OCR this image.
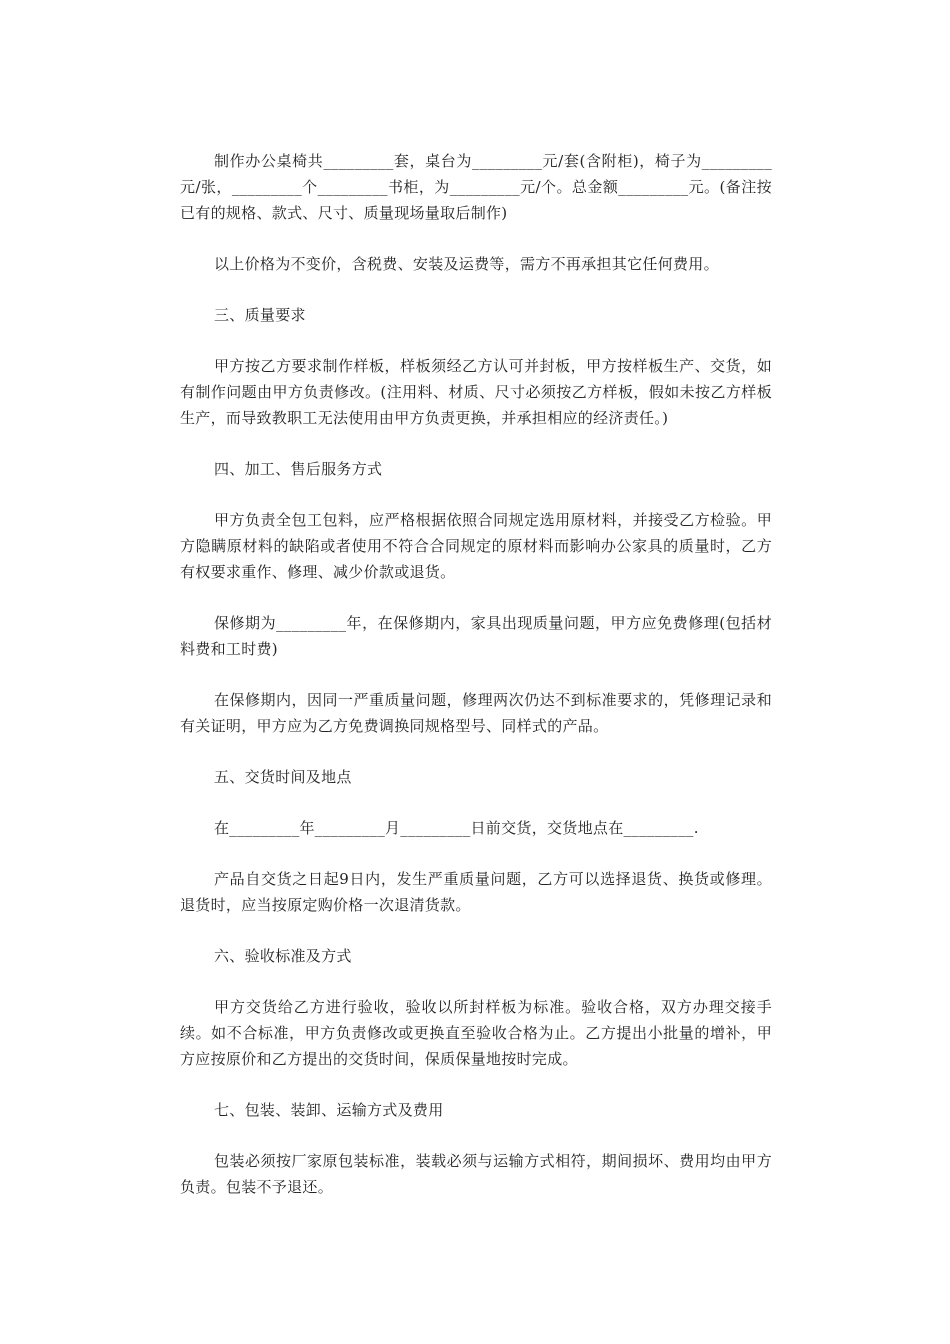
制作办公桌椅共_________套，桌台为_________元/套(含附柜)，椅子为_________元/张，_________个_________书柜，为_________元/个。总金额_________元。(备注按已有的规格、款式、尺寸、质量现场量取后制作)

以上价格为不变价，含税费、安装及运费等，需方不再承担其它任何费用。

三、质量要求

甲方按乙方要求制作样板，样板须经乙方认可并封板，甲方按样板生产、交货，如有制作问题由甲方负责修改。(注用料、材质、尺寸必须按乙方样板，假如未按乙方样板生产，而导致教职工无法使用由甲方负责更换，并承担相应的经济责任。)

四、加工、售后服务方式

甲方负责全包工包料，应严格根据依照合同规定选用原材料，并接受乙方检验。甲方隐瞒原材料的缺陷或者使用不符合合同规定的原材料而影响办公家具的质量时，乙方有权要求重作、修理、减少价款或退货。

保修期为_________年，在保修期内，家具出现质量问题，甲方应免费修理(包括材料费和工时费)

在保修期内，因同一严重质量问题，修理两次仍达不到标准要求的，凭修理记录和有关证明，甲方应为乙方免费调换同规格型号、同样式的产品。

五、交货时间及地点

在_________年_________月_________日前交货，交货地点在_________.

产品自交货之日起9日内，发生严重质量问题，乙方可以选择退货、换货或修理。退货时，应当按原定购价格一次退清货款。

六、验收标准及方式

甲方交货给乙方进行验收，验收以所封样板为标准。验收合格，双方办理交接手续。如不合标准，甲方负责修改或更换直至验收合格为止。乙方提出小批量的增补，甲方应按原价和乙方提出的交货时间，保质保量地按时完成。

七、包装、装卸、运输方式及费用

包装必须按厂家原包装标准，装载必须与运输方式相符，期间损坏、费用均由甲方负责。包装不予退还。
